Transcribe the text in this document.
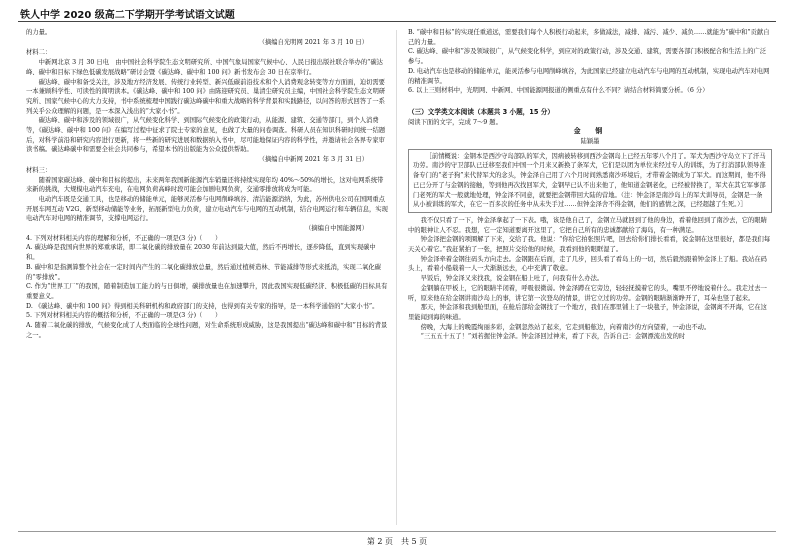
铁人中学 2020 级高二下学期开学考试语文试题

的力量。

（摘编自光明网 2021 年 3 月 10 日）

材料二：

中新网北京 3 月 30 日电　由中国社会科学院生态文明研究所、中国气象局国家气候中心、人民日报出版社联合举办的“碳达峰、碳中和目标下绿色低碳发展战略”研讨会暨《碳达峰、碳中和 100 问》新书发布会 30 日在京举行。

碳达峰、碳中和备受关注，涉及地方经济发展、传统行业转型、新兴低碳前沿技术和个人消费观念转变等方方面面，迫切需要一本兼顾科学性、可读性的简明读本。《碳达峰、碳中和 100 问》由陈迎研究员、巢清尘研究员主编，中国社会科学院生态文明研究所、国家气候中心的大力支持，书中系统梳理中国践行碳达峰碳中和重大战略的科学背景和实践路径，以问答的形式回答了一系列关乎公众理解的问题，是一本深入浅出的“大家小书”。

碳达峰、碳中和涉及的领域很广，从气候变化科学、到国际气候变化的政策行动，从能源、建筑、交通等部门，到个人消费等，《碳达峰、碳中和 100 问》在编写过程中征求了院士专家的意见，也做了大量的问卷调查。科研人员在知识科研时间统一结题后，对科学前沿和研究内容进行更新，将一些新的研究进展和数据纳入书中，尽可能地保证内容的科学性，并邀请社会各界专家审读书稿。碳达峰碳中和需要全社会共同参与，希望本书的出版能为公众提供帮助。

（摘编自中新网 2021 年 3 月 31 日）

材料三：

随着国家碳达峰、碳中和目标的提出，未来两年我国新能源汽车销量还将持续实现年均 40%～50%的增长，这对电网系统带来新的挑战，大规模电动汽车充电，在电网负荷高峰时段可能会加剧电网负荷，交通零排放将成为可能。

电动汽车既是交通工具，也是移动的储能单元，能够灵活参与电网削峰填谷、清洁能源消纳，为此，苏州供电公司在国网重点开展车网互动 V2G、新型移动储能等业务，拓展新型电力负荷，建立电动汽车与电网的互动机制，结合电网运行和车辆信息，实现电动汽车对电网的精准调节，支撑电网运行。

（摘编自中国能源网）

4. 下列对材料相关内容的理解和分析，不正确的一项是(3 分)（　　）

A. 碳达峰是我国向世界的郑重承诺，即二氧化碳的排放量在 2030 年前达到最大值，然后不再增长，逐步降低，直到实现碳中和。

B. 碳中和是指测算整个社会在一定时间内产生的二氧化碳排放总量，然后通过植树造林、节能减排等形式来抵消，实现二氧化碳的“零排放”。

C. 作为“世界工厂”的我国，随着制造加工能力的与日俱增，碳排放量也在加速攀升，因此我国实现低碳经济、积极低碳的目标具有重要意义。

D. 《碳达峰、碳中和 100 问》得到相关科研机构和政府部门的支持，也得到有关专家的指导，是一本科学通俗的“大家小书”。

5. 下列对材料相关内容的概括和分析，不正确的一项是(3 分)（　　）

A. 随着二氧化碳的排放，气候变化成了人类面临的全球性问题，对生命系统形成威胁，这是我国提出“碳达峰和碳中和”目标的背景之一。

B. “碳中和目标”的实现任重道远，需要我们每个人积极行动起来，多做减法，减排、减污、减少、减负……就能为“碳中和”贡献自己的力量。

C. 碳达峰、碳中和”涉及领域很广，从气候变化科学，到应对的政策行动，涉及交通、建筑，需要各部门积极配合和生活上的广泛参与。

D. 电动汽车也是移动的储能单元，能灵活参与电网削峰填谷，为此国家已经建立电动汽车与电网的互动机制，实现电动汽车对电网的精准调节。

6. 以上三则材料中，光明网、中新网、中国能源网报道的侧重点有什么不同？请结合材料简要分析。（6 分）

（三）文学类文本阅读（本题共 3 小题，15 分）

阅读下面的文字，完成 7～9 题。

金　钢

陆颖墨

［前情概说：金钢本是西沙守岛部队的军犬，因病被转移到西沙金钢岛上已经五年零八个月了。军犬为西沙守岛立下了汗马功劳。南沙的守卫部队已迁移至我们中国一个月来又新换了条军犬，它们是以团为单位来经过专人的训练，为了打消部队领导准备专门的“老子狗”来代替军犬的念头，钟金泽自己用了六个月时间熟悉南沙环境后，才带着金钢成为了军犬。而这期间，他不得已已分开了与金钢的接触，等到他再次找回军犬，金钢早已认不出来他了，他知道金钢老化，已经被替换了，军犬在其它军事部门老死的军犬一般就地处理，钟金泽不同意，就要把金钢带回大陆的营地。（注：钟金泽是南沙岛上的军犬训导员，金钢是一条从小被训练的军犬，在它一百多次的任务中从未失手过……但钟金泽舍不得金钢，他们的感情之深，已经超越了生死。）］

我不仅只看了一下，钟金泽拿起了一下表。哦，该是他自己了，金钢立马就回到了他的身边，看着他回到了南沙去，它的眼睛中的眼神让人不忍。我想，它一定知道要离开这里了，它把自己所有的忠诚都献给了海岛，有一种满足。

钟金泽把金钢的项圈解了下来，交给了我。他说：“你给它拍张照片吧，回去给你们排长看看，说金钢在这里很好，都是我们每天关心着它。”我赶紧拍了一张，把照片交给他的时候，我看到他的眼眶湿了。

钟金泽牵着金钢往码头方向走去。金钢跟在后面，走了几步，回头看了看岛上的一切，然后毅然跟着钟金泽上了船。我站在码头上，看着小船载着一人一犬渐渐远去，心中充满了敬意。

早饭后，钟金泽又来找我，说金钢在船上吐了，问我有什么办法。

金钢躺在甲板上，它的眼睛半闭着，呼吸很微弱。钟金泽蹲在它旁边，轻轻抚摸着它的头，嘴里不停地说着什么。我走过去一听，原来他在给金钢讲南沙岛上的事，讲它第一次登岛的情景，讲它立过的功劳。金钢的眼睛渐渐睁开了，耳朵也竖了起来。

那天，钟金泽和我到舱里面，在舱后部给金钢找了一个地方，我们在那里铺上了一块毯子，钟金泽说，金钢离不开海，它在这里能闻到海的味道。

傍晚，大海上的晚霞绚丽多彩，金钢忽然站了起来，它走到船舷边，向着南沙的方向望着，一动也不动。

“三五五十五了！”刘若握住钟金泽。钟金泽回过神来，看了下表，告诉自己：金钢漂流出发的时

第 2 页　共 5 页
